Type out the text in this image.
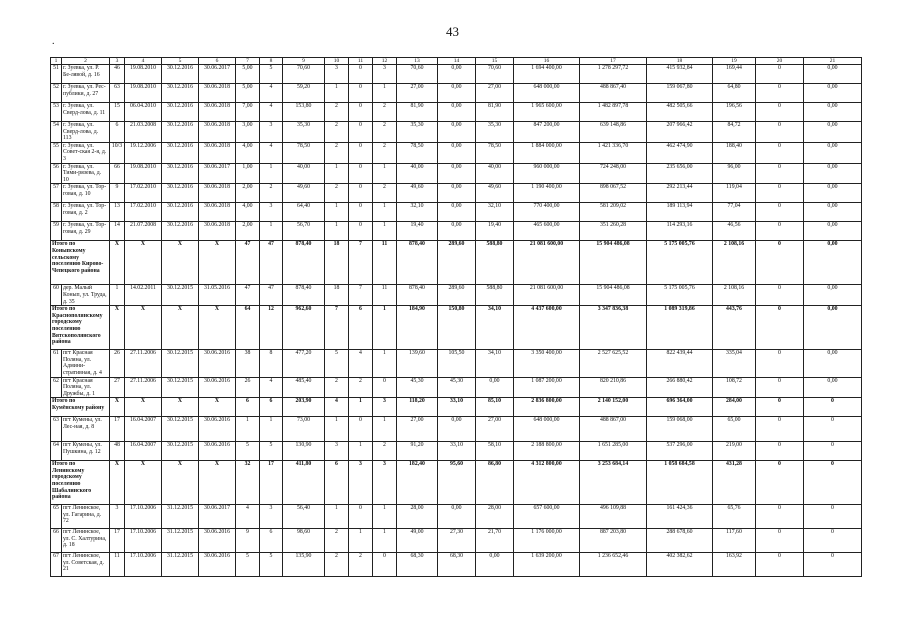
43
.
1	2	3	4	5	6	7	8	9	10	11	12	13	14	15	16	17	18	19	20	21
51	г. Зуевка, ул. Р. Бе-лявой, д. 16	46	19.08.2010	30.12.2016	30.06.2017	5,00	5	70,60	3	0	3	70,60	0,00	70,60	1 694 400,00	1 278 297,72	415 932,84	169,44	0	0,00
52	г. Зуевка, ул. Рес-публики, д. 27	63	19.08.2010	30.12.2016	30.06.2018	5,00	4	59,20	1	0	1	27,00	0,00	27,00	648 000,00	488 867,40	159 067,80	64,80	0	0,00
53	г. Зуевка, ул. Сверд-лова, д. 11	15	06.04.2010	30.12.2016	30.06.2018	7,00	4	153,80	2	0	2	81,90	0,00	81,90	1 965 600,00	1 482 897,78	482 505,66	196,56	0	0,00
54	г. Зуевка, ул. Сверд-лова, д. 113	6	21.03.2008	30.12.2016	30.06.2018	3,00	3	35,30	2	0	2	35,30	0,00	35,30	847 200,00	639 148,86	207 966,42	84,72	0	0,00
55	г. Зуевка, ул. Совет-ская 2-я, д. 3	10/3	19.12.2006	30.12.2016	30.06.2018	4,00	4	78,50	2	0	2	78,50	0,00	78,50	1 884 000,00	1 421 336,70	462 474,90	188,40	0	0,00
56	г. Зуевка, ул. Тими-рязева, д. 10	66	19.08.2010	30.12.2016	30.06.2017	1,00	1	40,00	1	0	1	40,00	0,00	40,00	960 000,00	724 248,00	235 656,00	96,00	0	0,00
57	г. Зуевка, ул. Тор-говая, д. 10	9	17.02.2010	30.12.2016	30.06.2018	2,00	2	49,60	2	0	2	49,60	0,00	49,60	1 190 400,00	898 067,52	292 213,44	119,04	0	0,00
58	г. Зуевка, ул. Тор-говая, д. 2	13	17.02.2010	30.12.2016	30.06.2018	4,00	3	64,40	1	0	1	32,10	0,00	32,10	770 400,00	581 209,02	189 113,94	77,04	0	0,00
59	г. Зуевка, ул. Тор-говая, д. 29	14	21.07.2008	30.12.2016	30.06.2018	2,00	1	56,70	1	0	1	19,40	0,00	19,40	465 600,00	351 260,28	114 293,16	46,56	0	0,00
Итого по Коныпскому сельскому поселению Кирово-Чепецкого района		X	X	X	X	47	47	878,40	18	7	11	878,40	289,60	588,80	21 081 600,00	15 904 486,08	5 175 005,76	2 108,16	0	0,00
60	дер. Малый Конып, ул. Труда, д. 35	1	14.02.2011	30.12.2015	31.05.2016	47	47	878,40	18	7	11	878,40	289,60	588,80	21 081 600,00	15 904 486,08	5 175 005,76	2 108,16	0	0,00
Итого по Краснополянскому городскому поселению Вятскополянского района		X	X	X	X	64	12	962,60	7	6	1	184,90	150,80	34,10	4 437 600,00	3 347 836,38	1 089 319,86	443,76	0	0,00
61	пгт Красная Поляна, ул. Админи-стративная, д. 4	26	27.11.2006	30.12.2015	30.06.2016	38	8	477,20	5	4	1	139,60	105,50	34,10	3 350 400,00	2 527 625,52	822 439,44	335,04	0	0,00
62	пгт Красная Поляна, ул. Дружбы, д. 1	27	27.11.2006	30.12.2015	30.06.2016	26	4	485,40	2	2	0	45,30	45,30	0,00	1 087 200,00	820 210,86	266 880,42	108,72	0	0,00
Итого по Кумёнскому району		X	X	X	X	6	6	203,90	4	1	3	118,20	33,10	85,10	2 836 800,00	2 140 152,00	696 364,00	284,00	0	0
63	пгт Кумены, ул. Лес-ная, д. 8	17	16.04.2007	30.12.2015	30.06.2016	1	1	73,00	1	0	1	27,00	0,00	27,00	648 000,00	488 867,00	159 068,00	65,00	0	0
64	пгт Кумены, ул. Пушкина, д. 12	48	16.04.2007	30.12.2015	30.06.2016	5	5	130,90	3	1	2	91,20	33,10	58,10	2 188 800,00	1 651 285,00	537 296,00	219,00	0	0
Итого по Ленинскому городскому поселению Шабалинского района		X	X	X	X	32	17	411,80	6	3	3	182,40	95,60	86,80	4 312 800,00	3 253 684,14	1 058 684,58	431,28	0	0
65	пгт Ленинское, ул. Гагарина, д. 72	3	17.10.2006	31.12.2015	30.06.2017	4	3	56,40	1	0	1	28,00	0,00	28,00	657 600,00	496 109,88	161 424,36	65,76	0	0
66	пгт Ленинское, ул. С. Халтурина, д. 18	17	17.10.2006	31.12.2015	30.06.2016	9	6	98,60	2	1	1	49,00	27,30	21,70	1 176 000,00	887 203,80	288 678,60	117,60	0	0
67	пгт Ленинское, ул. Советская, д. 21	11	17.10.2006	31.12.2015	30.06.2016	5	5	135,90	2	2	0	68,30	68,30	0,00	1 639 200,00	1 236 652,46	402 382,62	163,92	0	0
